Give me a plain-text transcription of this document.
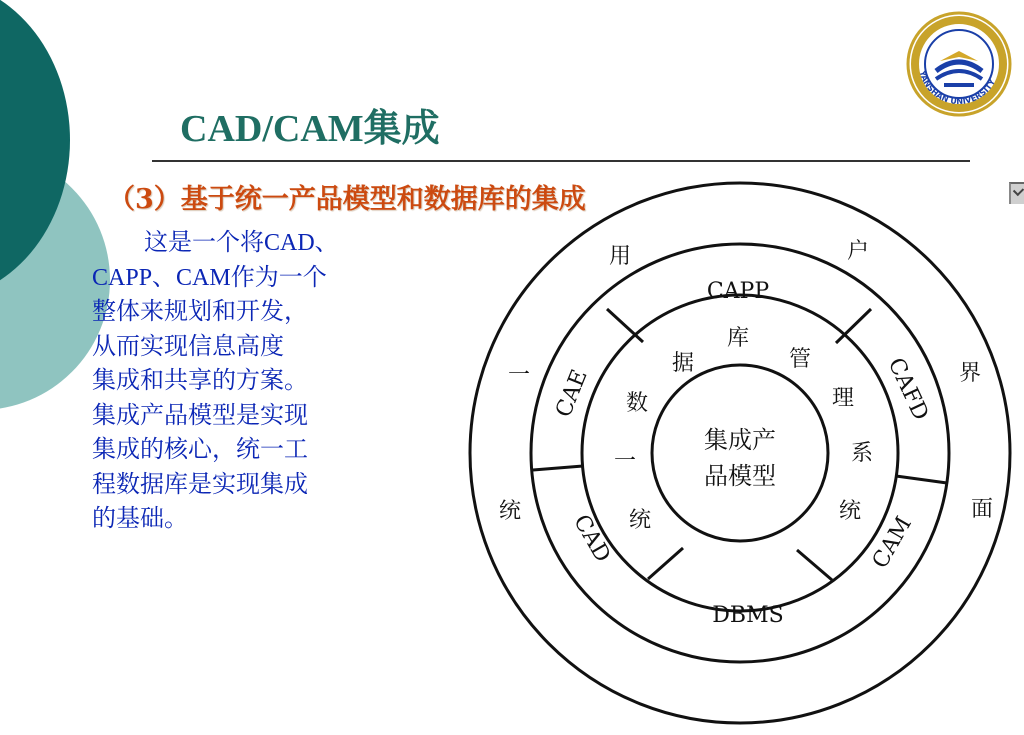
YANSHAN UNIVERSITY
CAD/CAM集成
（3）基于统一产品模型和数据库的集成
这是一个将CAD、
CAPP、CAM作为一个
整体来规划和开发，
从而实现信息高度
集成和共享的方案。
集成产品模型是实现
集成的核心，统一工
程数据库是实现集成
的基础。
集成产
品模型
CAPP
CAFD
CAM
DBMS
CAD
CAE
据
库
管
理
系
统
统
一
数
用	户
界
面
统
一
